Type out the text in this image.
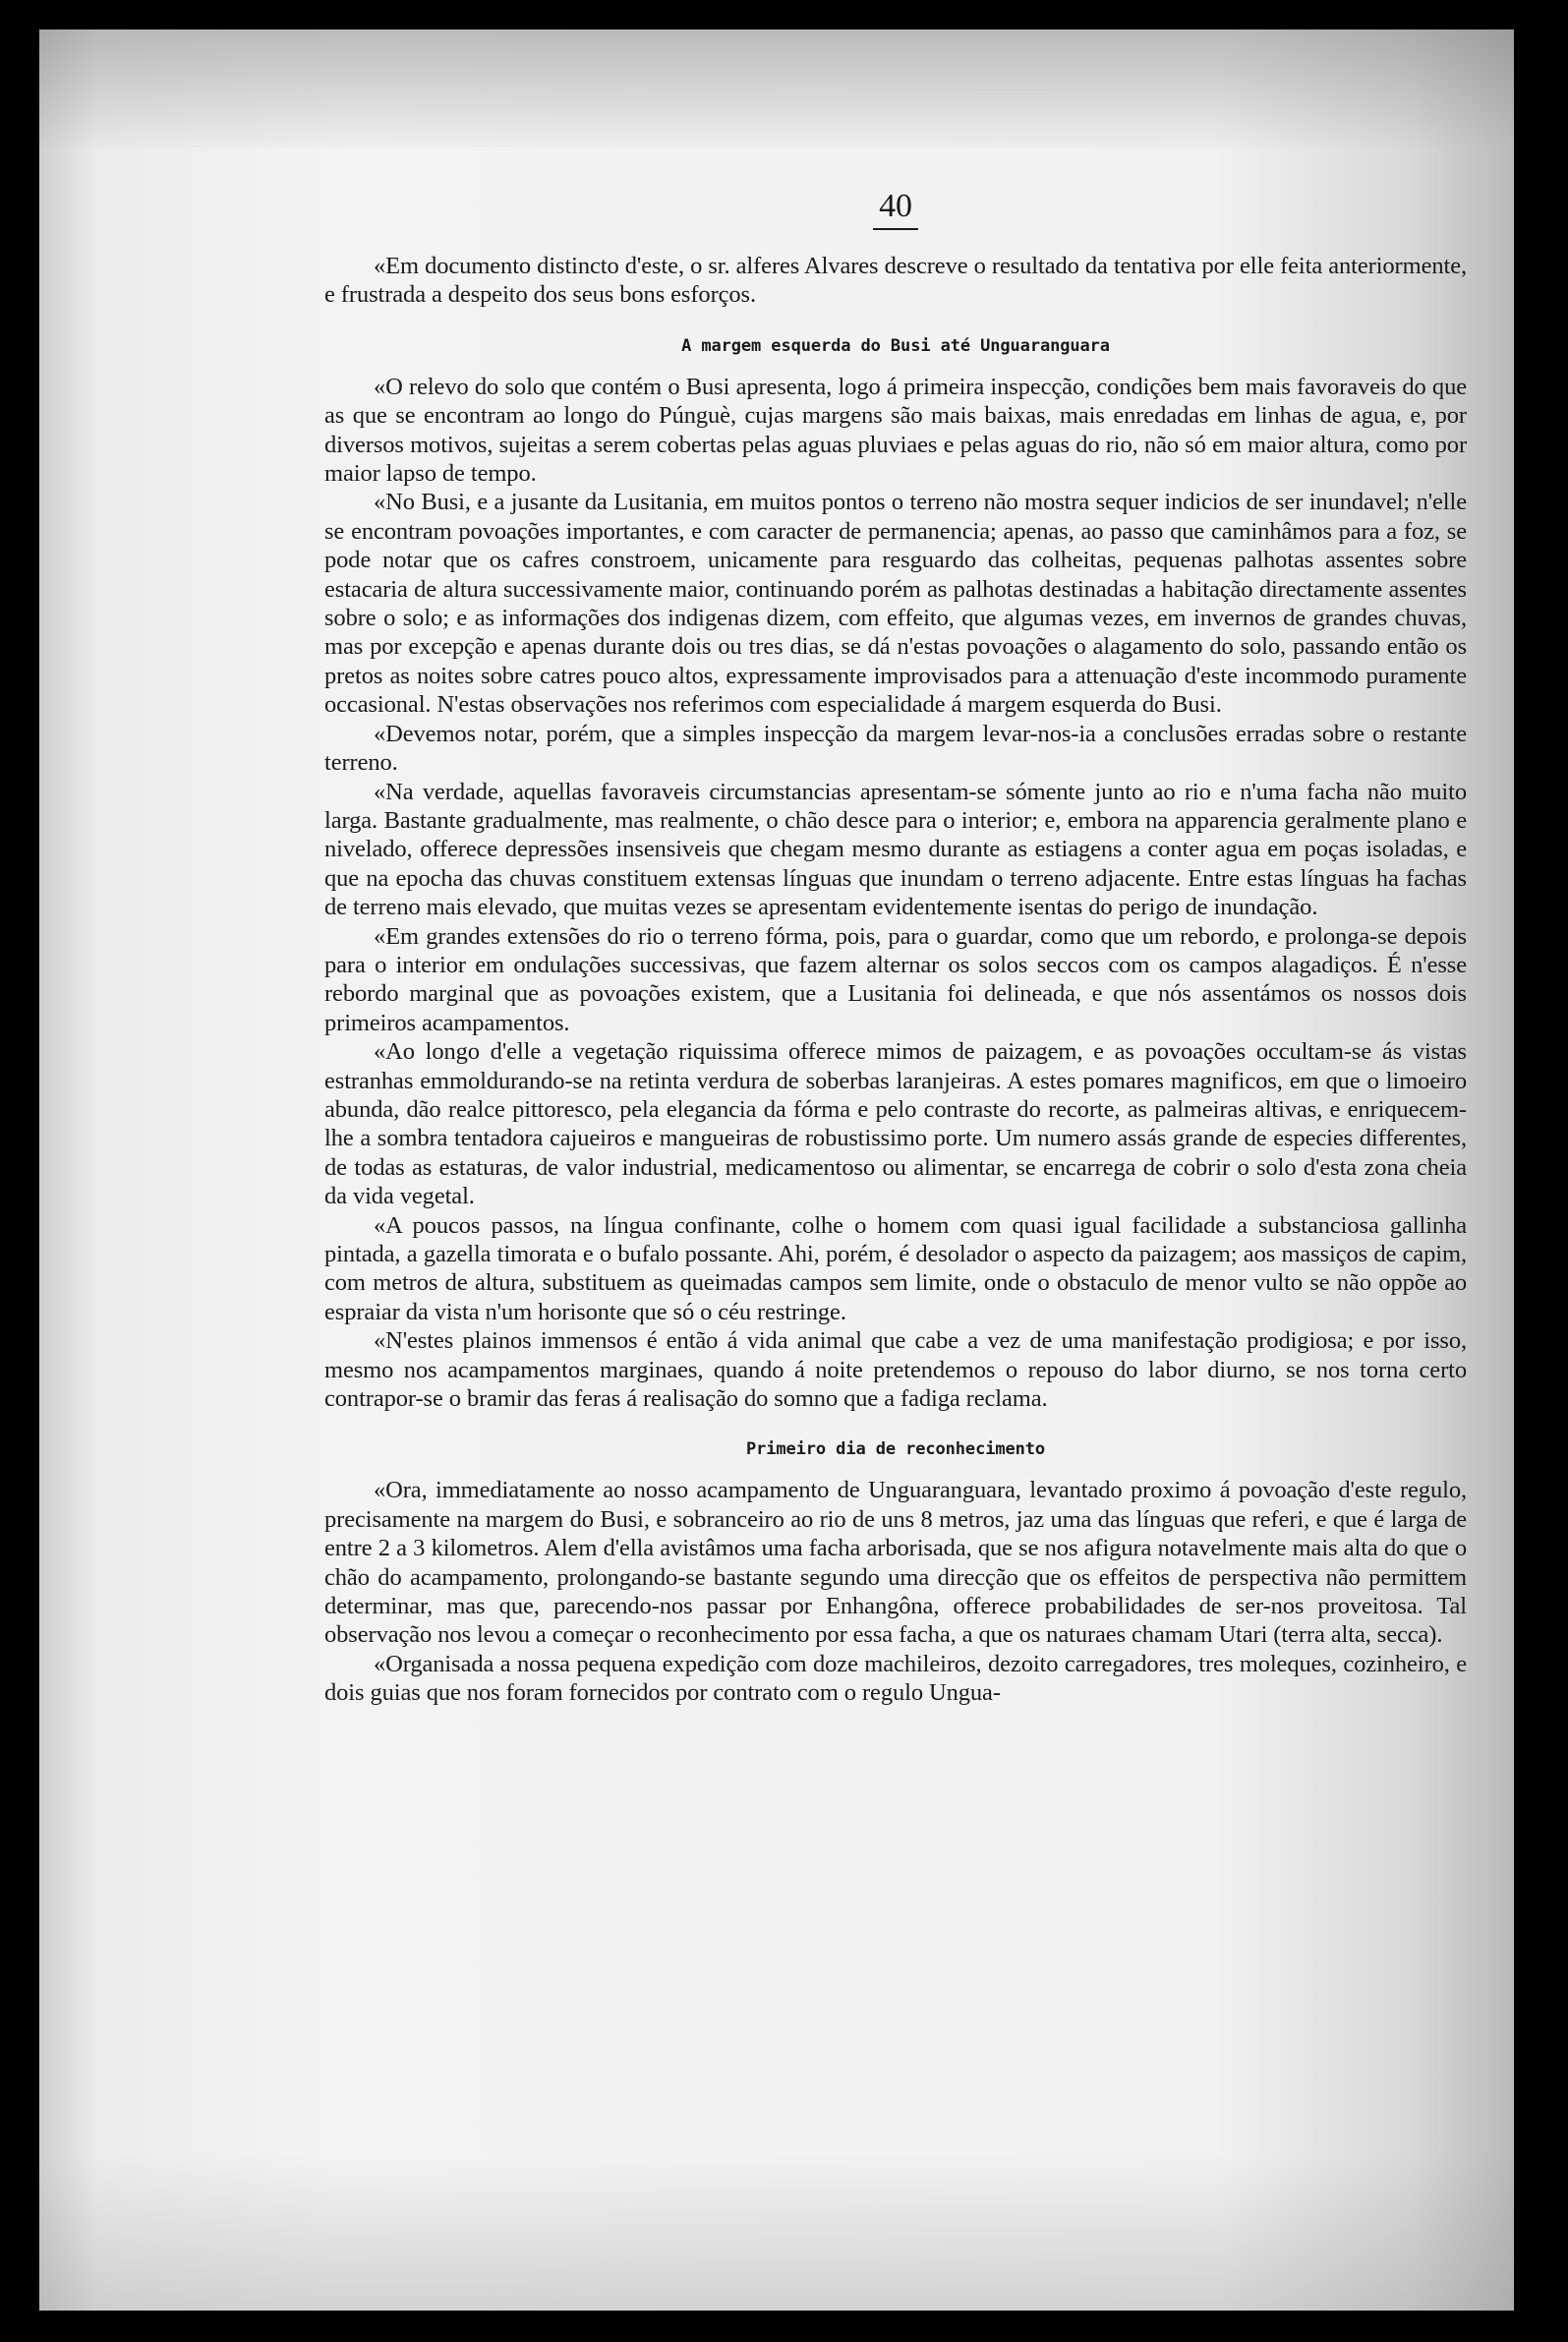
40

«Em documento distincto d'este, o sr. alferes Alvares descreve o resultado da tentativa por elle feita anteriormente, e frustrada a despeito dos seus bons esforços.

A margem esquerda do Busi até Unguaranguara

«O relevo do solo que contém o Busi apresenta, logo á primeira inspecção, condições bem mais favoraveis do que as que se encontram ao longo do Púnguè, cujas margens são mais baixas, mais enredadas em linhas de agua, e, por diversos motivos, sujeitas a serem cobertas pelas aguas pluviaes e pelas aguas do rio, não só em maior altura, como por maior lapso de tempo.

«No Busi, e a jusante da Lusitania, em muitos pontos o terreno não mostra sequer indicios de ser inundavel; n'elle se encontram povoações importantes, e com caracter de permanencia; apenas, ao passo que caminhâmos para a foz, se pode notar que os cafres constroem, unicamente para resguardo das colheitas, pequenas palhotas assentes sobre estacaria de altura successivamente maior, continuando porém as palhotas destinadas a habitação directamente assentes sobre o solo; e as informações dos indigenas dizem, com effeito, que algumas vezes, em invernos de grandes chuvas, mas por excepção e apenas durante dois ou tres dias, se dá n'estas povoações o alagamento do solo, passando então os pretos as noites sobre catres pouco altos, expressamente improvisados para a attenuação d'este incommodo puramente occasional. N'estas observações nos referimos com especialidade á margem esquerda do Busi.

«Devemos notar, porém, que a simples inspecção da margem levar-nos-ia a conclusões erradas sobre o restante terreno.

«Na verdade, aquellas favoraveis circumstancias apresentam-se sómente junto ao rio e n'uma facha não muito larga. Bastante gradualmente, mas realmente, o chão desce para o interior; e, embora na apparencia geralmente plano e nivelado, offerece depressões insensiveis que chegam mesmo durante as estiagens a conter agua em poças isoladas, e que na epocha das chuvas constituem extensas línguas que inundam o terreno adjacente. Entre estas línguas ha fachas de terreno mais elevado, que muitas vezes se apresentam evidentemente isentas do perigo de inundação.

«Em grandes extensões do rio o terreno fórma, pois, para o guardar, como que um rebordo, e prolonga-se depois para o interior em ondulações successivas, que fazem alternar os solos seccos com os campos alagadiços. É n'esse rebordo marginal que as povoações existem, que a Lusitania foi delineada, e que nós assentámos os nossos dois primeiros acampamentos.

«Ao longo d'elle a vegetação riquissima offerece mimos de paizagem, e as povoações occultam-se ás vistas estranhas emmoldurando-se na retinta verdura de soberbas laranjeiras. A estes pomares magnificos, em que o limoeiro abunda, dão realce pittoresco, pela elegancia da fórma e pelo contraste do recorte, as palmeiras altivas, e enriquecem-lhe a sombra tentadora cajueiros e mangueiras de robustissimo porte. Um numero assás grande de especies differentes, de todas as estaturas, de valor industrial, medicamentoso ou alimentar, se encarrega de cobrir o solo d'esta zona cheia da vida vegetal.

«A poucos passos, na língua confinante, colhe o homem com quasi igual facilidade a substanciosa gallinha pintada, a gazella timorata e o bufalo possante. Ahi, porém, é desolador o aspecto da paizagem; aos massiços de capim, com metros de altura, substituem as queimadas campos sem limite, onde o obstaculo de menor vulto se não oppõe ao espraiar da vista n'um horisonte que só o céu restringe.

«N'estes plainos immensos é então á vida animal que cabe a vez de uma manifestação prodigiosa; e por isso, mesmo nos acampamentos marginaes, quando á noite pretendemos o repouso do labor diurno, se nos torna certo contrapor-se o bramir das feras á realisação do somno que a fadiga reclama.

Primeiro dia de reconhecimento

«Ora, immediatamente ao nosso acampamento de Unguaranguara, levantado proximo á povoação d'este regulo, precisamente na margem do Busi, e sobranceiro ao rio de uns 8 metros, jaz uma das línguas que referi, e que é larga de entre 2 a 3 kilometros. Alem d'ella avistâmos uma facha arborisada, que se nos afigura notavelmente mais alta do que o chão do acampamento, prolongando-se bastante segundo uma direcção que os effeitos de perspectiva não permittem determinar, mas que, parecendo-nos passar por Enhangôna, offerece probabilidades de ser-nos proveitosa. Tal observação nos levou a começar o reconhecimento por essa facha, a que os naturaes chamam Utari (terra alta, secca).

«Organisada a nossa pequena expedição com doze machileiros, dezoito carregadores, tres moleques, cozinheiro, e dois guias que nos foram fornecidos por contrato com o regulo Ungua-
